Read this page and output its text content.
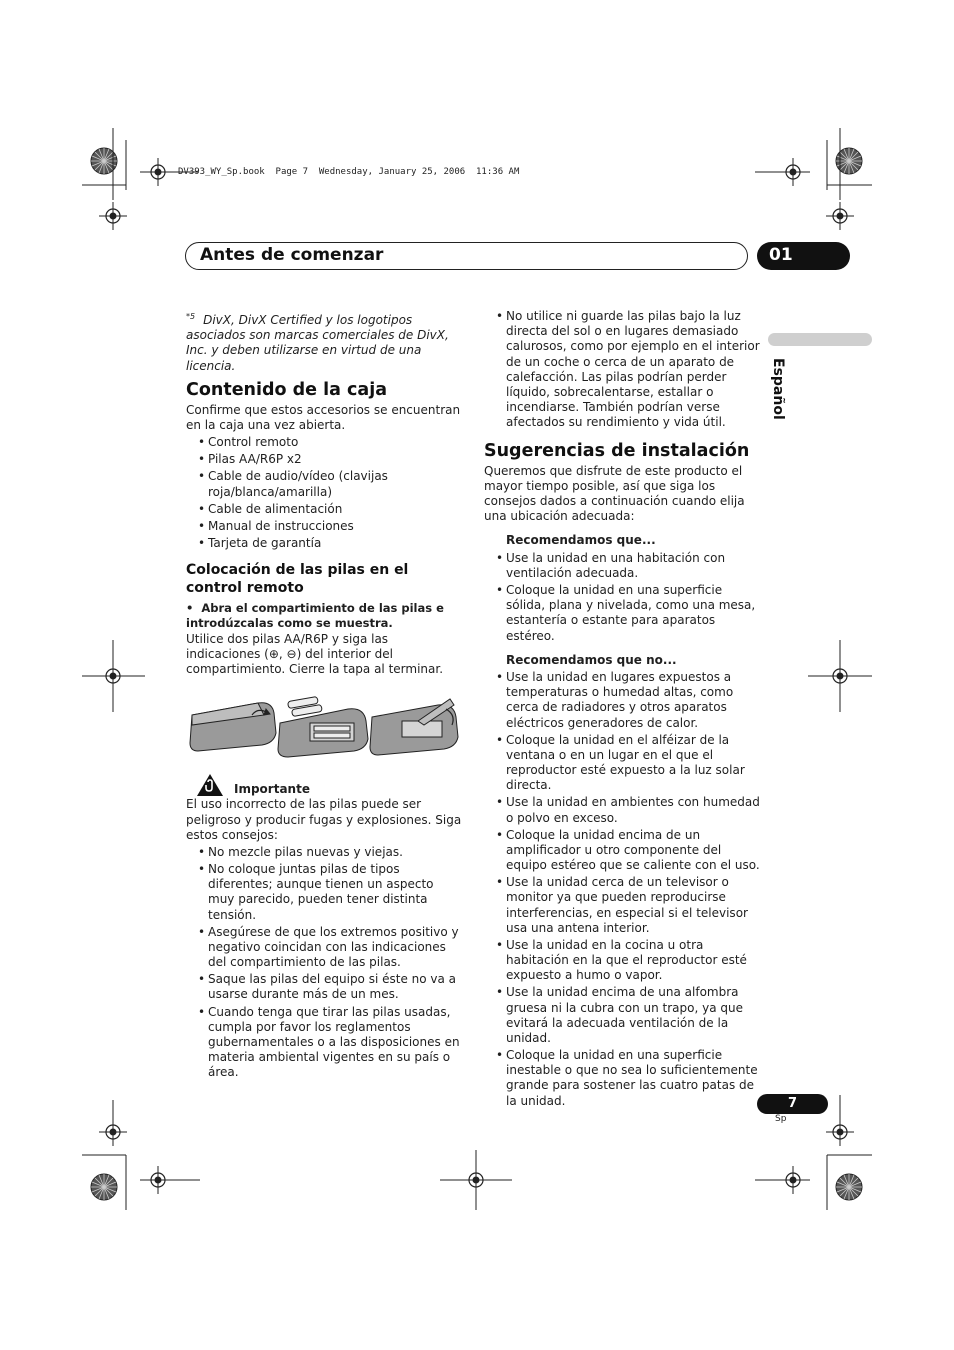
DV393_WY_Sp.book  Page 7  Wednesday, January 25, 2006  11:36 AM
Antes de comenzar	01
Español

$^{*5}$ DivX, DivX Certified y los logotipos asociados son marcas comerciales de DivX, Inc. y deben utilizarse en virtud de una licencia.

Contenido de la caja

Confirme que estos accesorios se encuentran en la caja una vez abierta.

• Control remoto
• Pilas AA/R6P x2
• Cable de audio/vídeo (clavijas roja/blanca/amarilla)
• Cable de alimentación
• Manual de instrucciones
• Tarjeta de garantía
Colocación de las pilas en el control remoto

• Abra el compartimiento de las pilas e introdúzcalas como se muestra.

Utilice dos pilas AA/R6P y siga las indicaciones (⊕, ⊖) del interior del compartimiento. Cierre la tapa al terminar.

Importante

El uso incorrecto de las pilas puede ser peligroso y producir fugas y explosiones. Siga estos consejos:

• No mezcle pilas nuevas y viejas.
• No coloque juntas pilas de tipos diferentes; aunque tienen un aspecto muy parecido, pueden tener distinta tensión.
• Asegúrese de que los extremos positivo y negativo coincidan con las indicaciones del compartimiento de las pilas.
• Saque las pilas del equipo si éste no va a usarse durante más de un mes.
• Cuando tenga que tirar las pilas usadas, cumpla por favor los reglamentos gubernamentales o a las disposiciones en materia ambiental vigentes en su país o área.
• No utilice ni guarde las pilas bajo la luz directa del sol o en lugares demasiado calurosos, como por ejemplo en el interior de un coche o cerca de un aparato de calefacción. Las pilas podrían perder líquido, sobrecalentarse, estallar o incendiarse. También podrían verse afectados su rendimiento y vida útil.
Sugerencias de instalación

Queremos que disfrute de este producto el mayor tiempo posible, así que siga los consejos dados a continuación cuando elija una ubicación adecuada:

Recomendamos que...

• Use la unidad en una habitación con ventilación adecuada.
• Coloque la unidad en una superficie sólida, plana y nivelada, como una mesa, estantería o estante para aparatos estéreo.

Recomendamos que no...

• Use la unidad en lugares expuestos a temperaturas o humedad altas, como cerca de radiadores y otros aparatos eléctricos generadores de calor.
• Coloque la unidad en el alféizar de la ventana o en un lugar en el que el reproductor esté expuesto a la luz solar directa.
• Use la unidad en ambientes con humedad o polvo en exceso.
• Coloque la unidad encima de un amplificador u otro componente del equipo estéreo que se caliente con el uso.
• Use la unidad cerca de un televisor o monitor ya que pueden reproducirse interferencias, en especial si el televisor usa una antena interior.
• Use la unidad en la cocina u otra habitación en la que el reproductor esté expuesto a humo o vapor.
• Use la unidad encima de una alfombra gruesa ni la cubra con un trapo, ya que evitará la adecuada ventilación de la unidad.
• Coloque la unidad en una superficie inestable o que no sea lo suficientemente grande para sostener las cuatro patas de la unidad.	7
Sp
